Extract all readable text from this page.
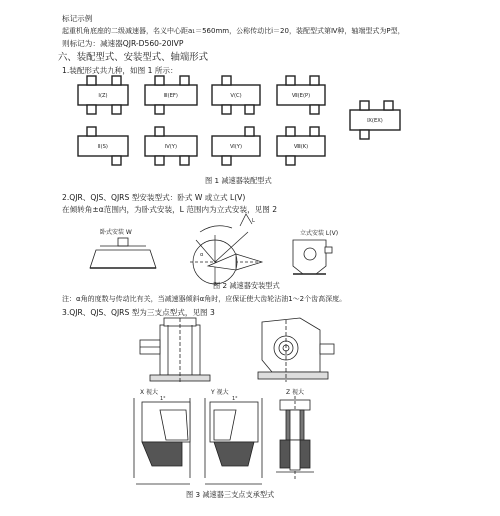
标记示例
起重机角底座的二级减速器，名义中心距a₁＝560mm，公称传动比i＝20，装配型式第Ⅳ种，轴端型式为P型，
则标记为：减速器QJR-D560-20ⅠVP
六、装配型式、安装型式、轴端形式
1.装配形式共九种，如图 1 所示：
图 1 减速器装配型式
2.QJR、QJS、QJRS 型安装型式：卧式 W 或立式 L(V)
在倾转角±α范围内，为卧式安装，L 范围内为立式安装，见图 2
卧式安装 W	立式安装 L(V)
图 2 减速器安装型式
注：α角的度数与传动比有关，当减速器倾斜α角时，应保证使大齿轮沾油1～2个齿高深度。
3.QJR、QJS、QJRS 型为三支点型式，见图 3
X 视大	Y 视大	Z 视大
图 3 减速器三支点支承型式
Ⅰ(Z)	Ⅲ(EF)	Ⅴ(C)	Ⅶ(E(P)
Ⅸ(EX)
Ⅱ(S)	Ⅳ(Y)	Ⅵ(Y)	Ⅷ(K)
α
L
1°	1°
